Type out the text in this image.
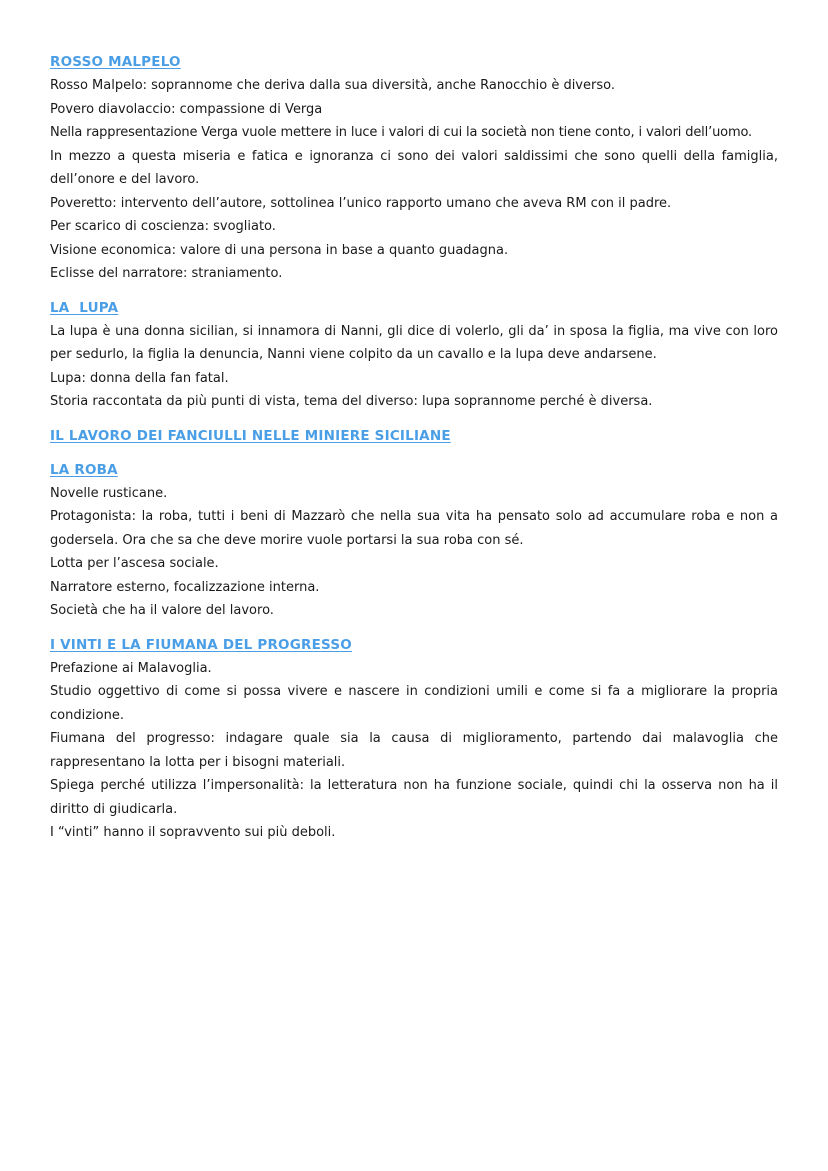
ROSSO MALPELO

Rosso Malpelo: soprannome che deriva dalla sua diversità, anche Ranocchio è diverso.

Povero diavolaccio: compassione di Verga

Nella rappresentazione Verga vuole mettere in luce i valori di cui la società non tiene conto, i valori dell’uomo.

In mezzo a questa miseria e fatica e ignoranza ci sono dei valori saldissimi che sono quelli della famiglia, dell’onore e del lavoro.

Poveretto: intervento dell’autore, sottolinea l’unico rapporto umano che aveva RM con il padre.

Per scarico di coscienza: svogliato.

Visione economica: valore di una persona in base a quanto guadagna.

Eclisse del narratore: straniamento.

LA  LUPA

La lupa è una donna sicilian, si innamora di Nanni, gli dice di volerlo, gli da’ in sposa la figlia, ma vive con loro per sedurlo, la figlia la denuncia, Nanni viene colpito da un cavallo e la lupa deve andarsene.

Lupa: donna della fan fatal.

Storia raccontata da più punti di vista, tema del diverso: lupa soprannome perché è diversa.

IL LAVORO DEI FANCIULLI NELLE MINIERE SICILIANE
LA ROBA

Novelle rusticane.

Protagonista: la roba, tutti i beni di Mazzarò che nella sua vita ha pensato solo ad accumulare roba e non a godersela. Ora che sa che deve morire vuole portarsi la sua roba con sé.

Lotta per l’ascesa sociale.

Narratore esterno, focalizzazione interna.

Società che ha il valore del lavoro.

I VINTI E LA FIUMANA DEL PROGRESSO

Prefazione ai Malavoglia.

Studio oggettivo di come si possa vivere e nascere in condizioni umili e come si fa a migliorare la propria condizione.

Fiumana del progresso: indagare quale sia la causa di miglioramento, partendo dai malavoglia che rappresentano la lotta per i bisogni materiali.

Spiega perché utilizza l’impersonalità: la letteratura non ha funzione sociale, quindi chi la osserva non ha il diritto di giudicarla.

I “vinti” hanno il sopravvento sui più deboli.
